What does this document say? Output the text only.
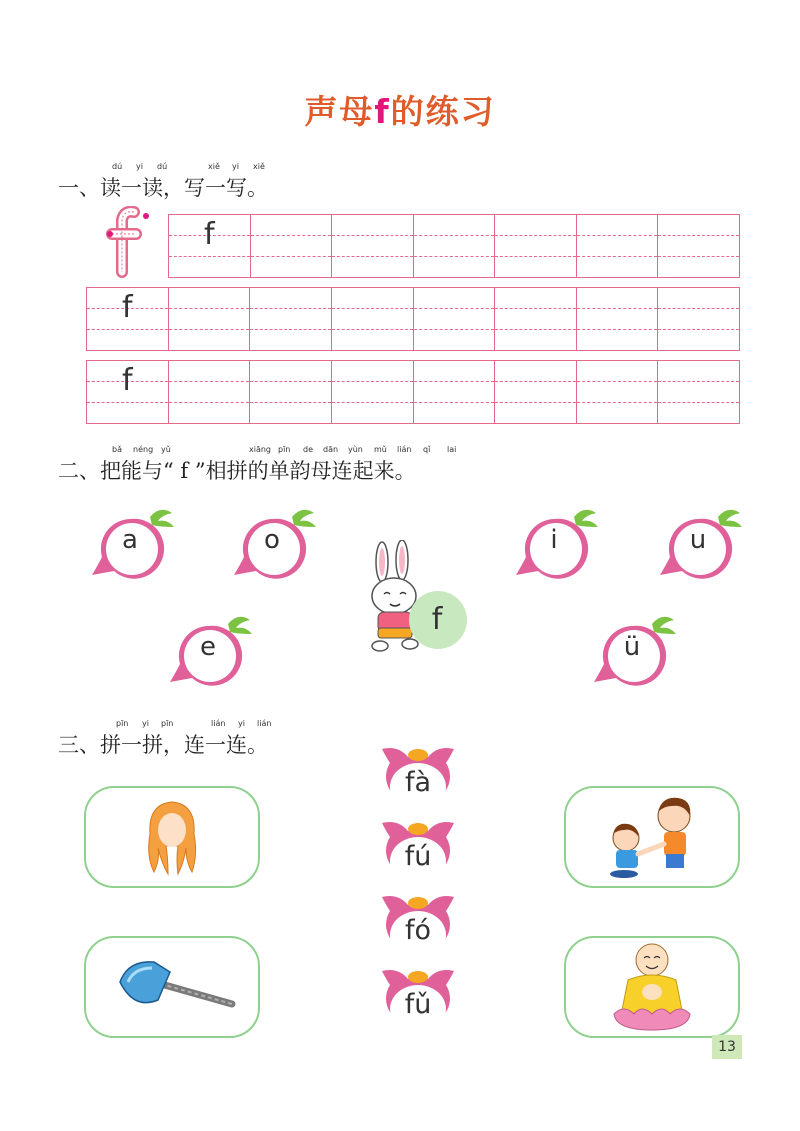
声母f的练习
一、读一读，写一写。
dú yi dú	xiě yi xiě
f
f
f
二、把能与“ f ”相拼的单韵母连起来。
bǎ néng yǔ	xiāng pīn de dān yùn mǔ lián qǐ lai
a	o	i	u
e	ü
f
三、拼一拼，连一连。
pīn yi pīn	lián yi lián
fà
fú
fó
fǔ
13
